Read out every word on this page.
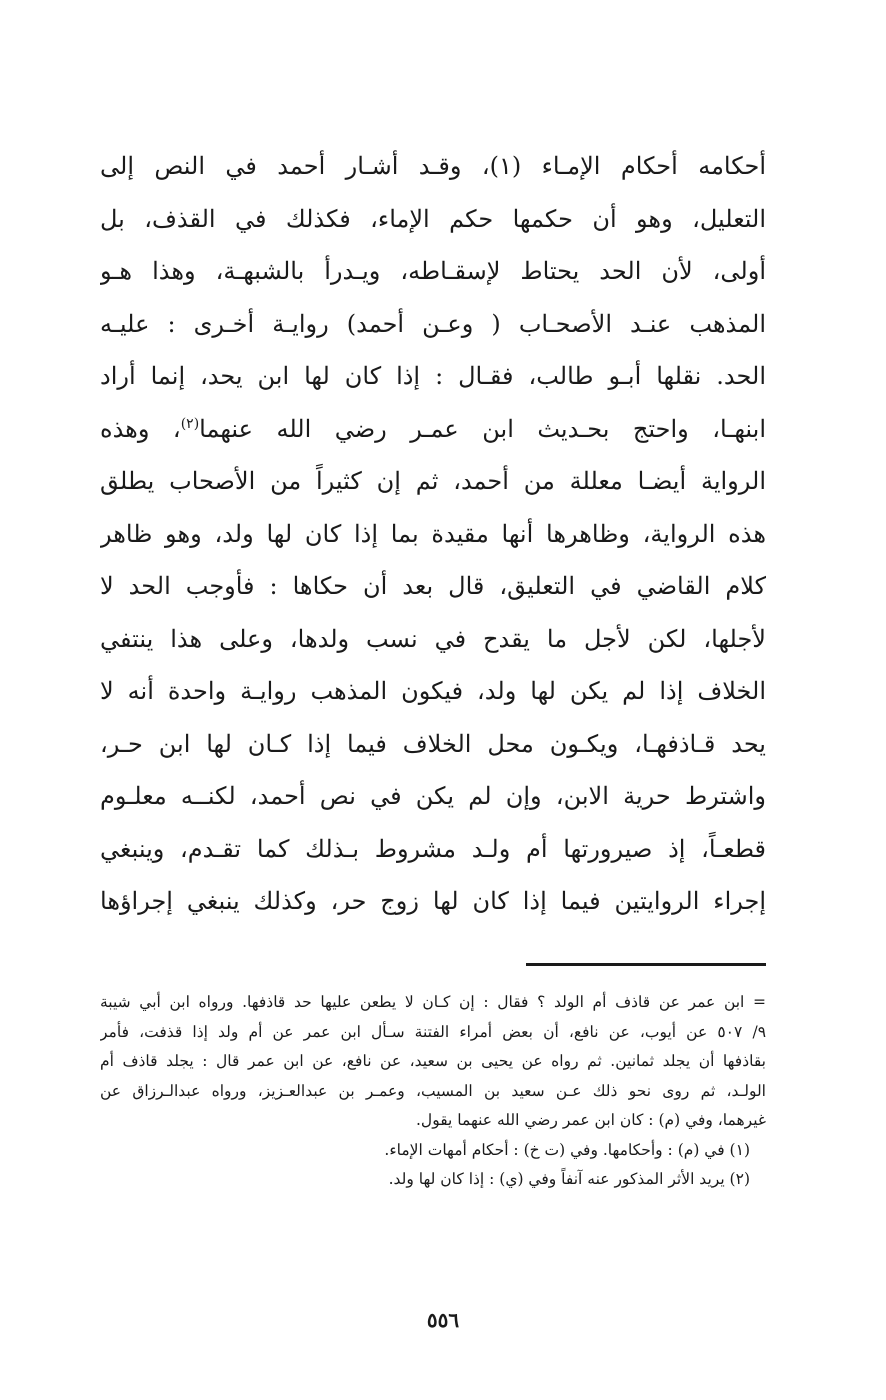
أحكامه أحكام الإمـاء (١)، وقـد أشـار أحمد في النص إلى
التعليل، وهو أن حكمها حكم الإماء، فكذلك في القذف، بل
أولى، لأن الحد يحتاط لإسقـاطه، ويـدرأ بالشبهـة، وهذا هـو
المذهب عنـد الأصحـاب ( وعـن أحمد) روايـة أخـرى : عليـه
الحد. نقلها أبـو طالب، فقـال : إذا كان لها ابن يحد، إنما أراد
ابنهـا، واحتج بحـديث ابن عمـر رضي الله عنهما$^{(٢)}$، وهذه
الرواية أيضـا معللة من أحمد، ثم إن كثيراً من الأصحاب يطلق
هذه الرواية، وظاهرها أنها مقيدة بما إذا كان لها ولد، وهو ظاهر
كلام القاضي في التعليق، قال بعد أن حكاها : فأوجب الحد لا
لأجلها، لكن لأجل ما يقدح في نسب ولدها، وعلى هذا ينتفي
الخلاف إذا لم يكن لها ولد، فيكون المذهب روايـة واحدة أنه لا
يحد قـاذفهـا، ويكـون محل الخلاف فيما إذا كـان لها ابن حـر،
واشترط حرية الابن، وإن لم يكن في نص أحمد، لكنــه معلـوم
قطعـاً، إذ صيرورتها أم ولـد مشروط بـذلك كما تقـدم، وينبغي
إجراء الروايتين فيما إذا كان لها زوج حر، وكذلك ينبغي إجراؤها
= ابن عمر عن قاذف أم الولد ؟ فقال : إن كـان لا يطعن عليها حد قاذفها. ورواه ابن أبي شيبة
٩/ ٥٠٧ عن أيوب، عن نافع، أن بعض أمراء الفتنة سـأل ابن عمر عن أم ولد إذا قذفت، فأمر
بقاذفها أن يجلد ثمانين. ثم رواه عن يحيى بن سعيد، عن نافع، عن ابن عمر قال : يجلد قاذف أم
الولـد، ثم روى نحو ذلك عـن سعيد بن المسيب، وعمـر بن عبدالعـزيز، ورواه عبدالـرزاق عن
غيرهما، وفي (م) : كان ابن عمر رضي الله عنهما يقول.
(١) في (م) : وأحكامها. وفي (ت خ) : أحكام أمهات الإماء.
(٢) يريد الأثر المذكور عنه آنفاً وفي (ي) : إذا كان لها ولد.
٥٥٦
